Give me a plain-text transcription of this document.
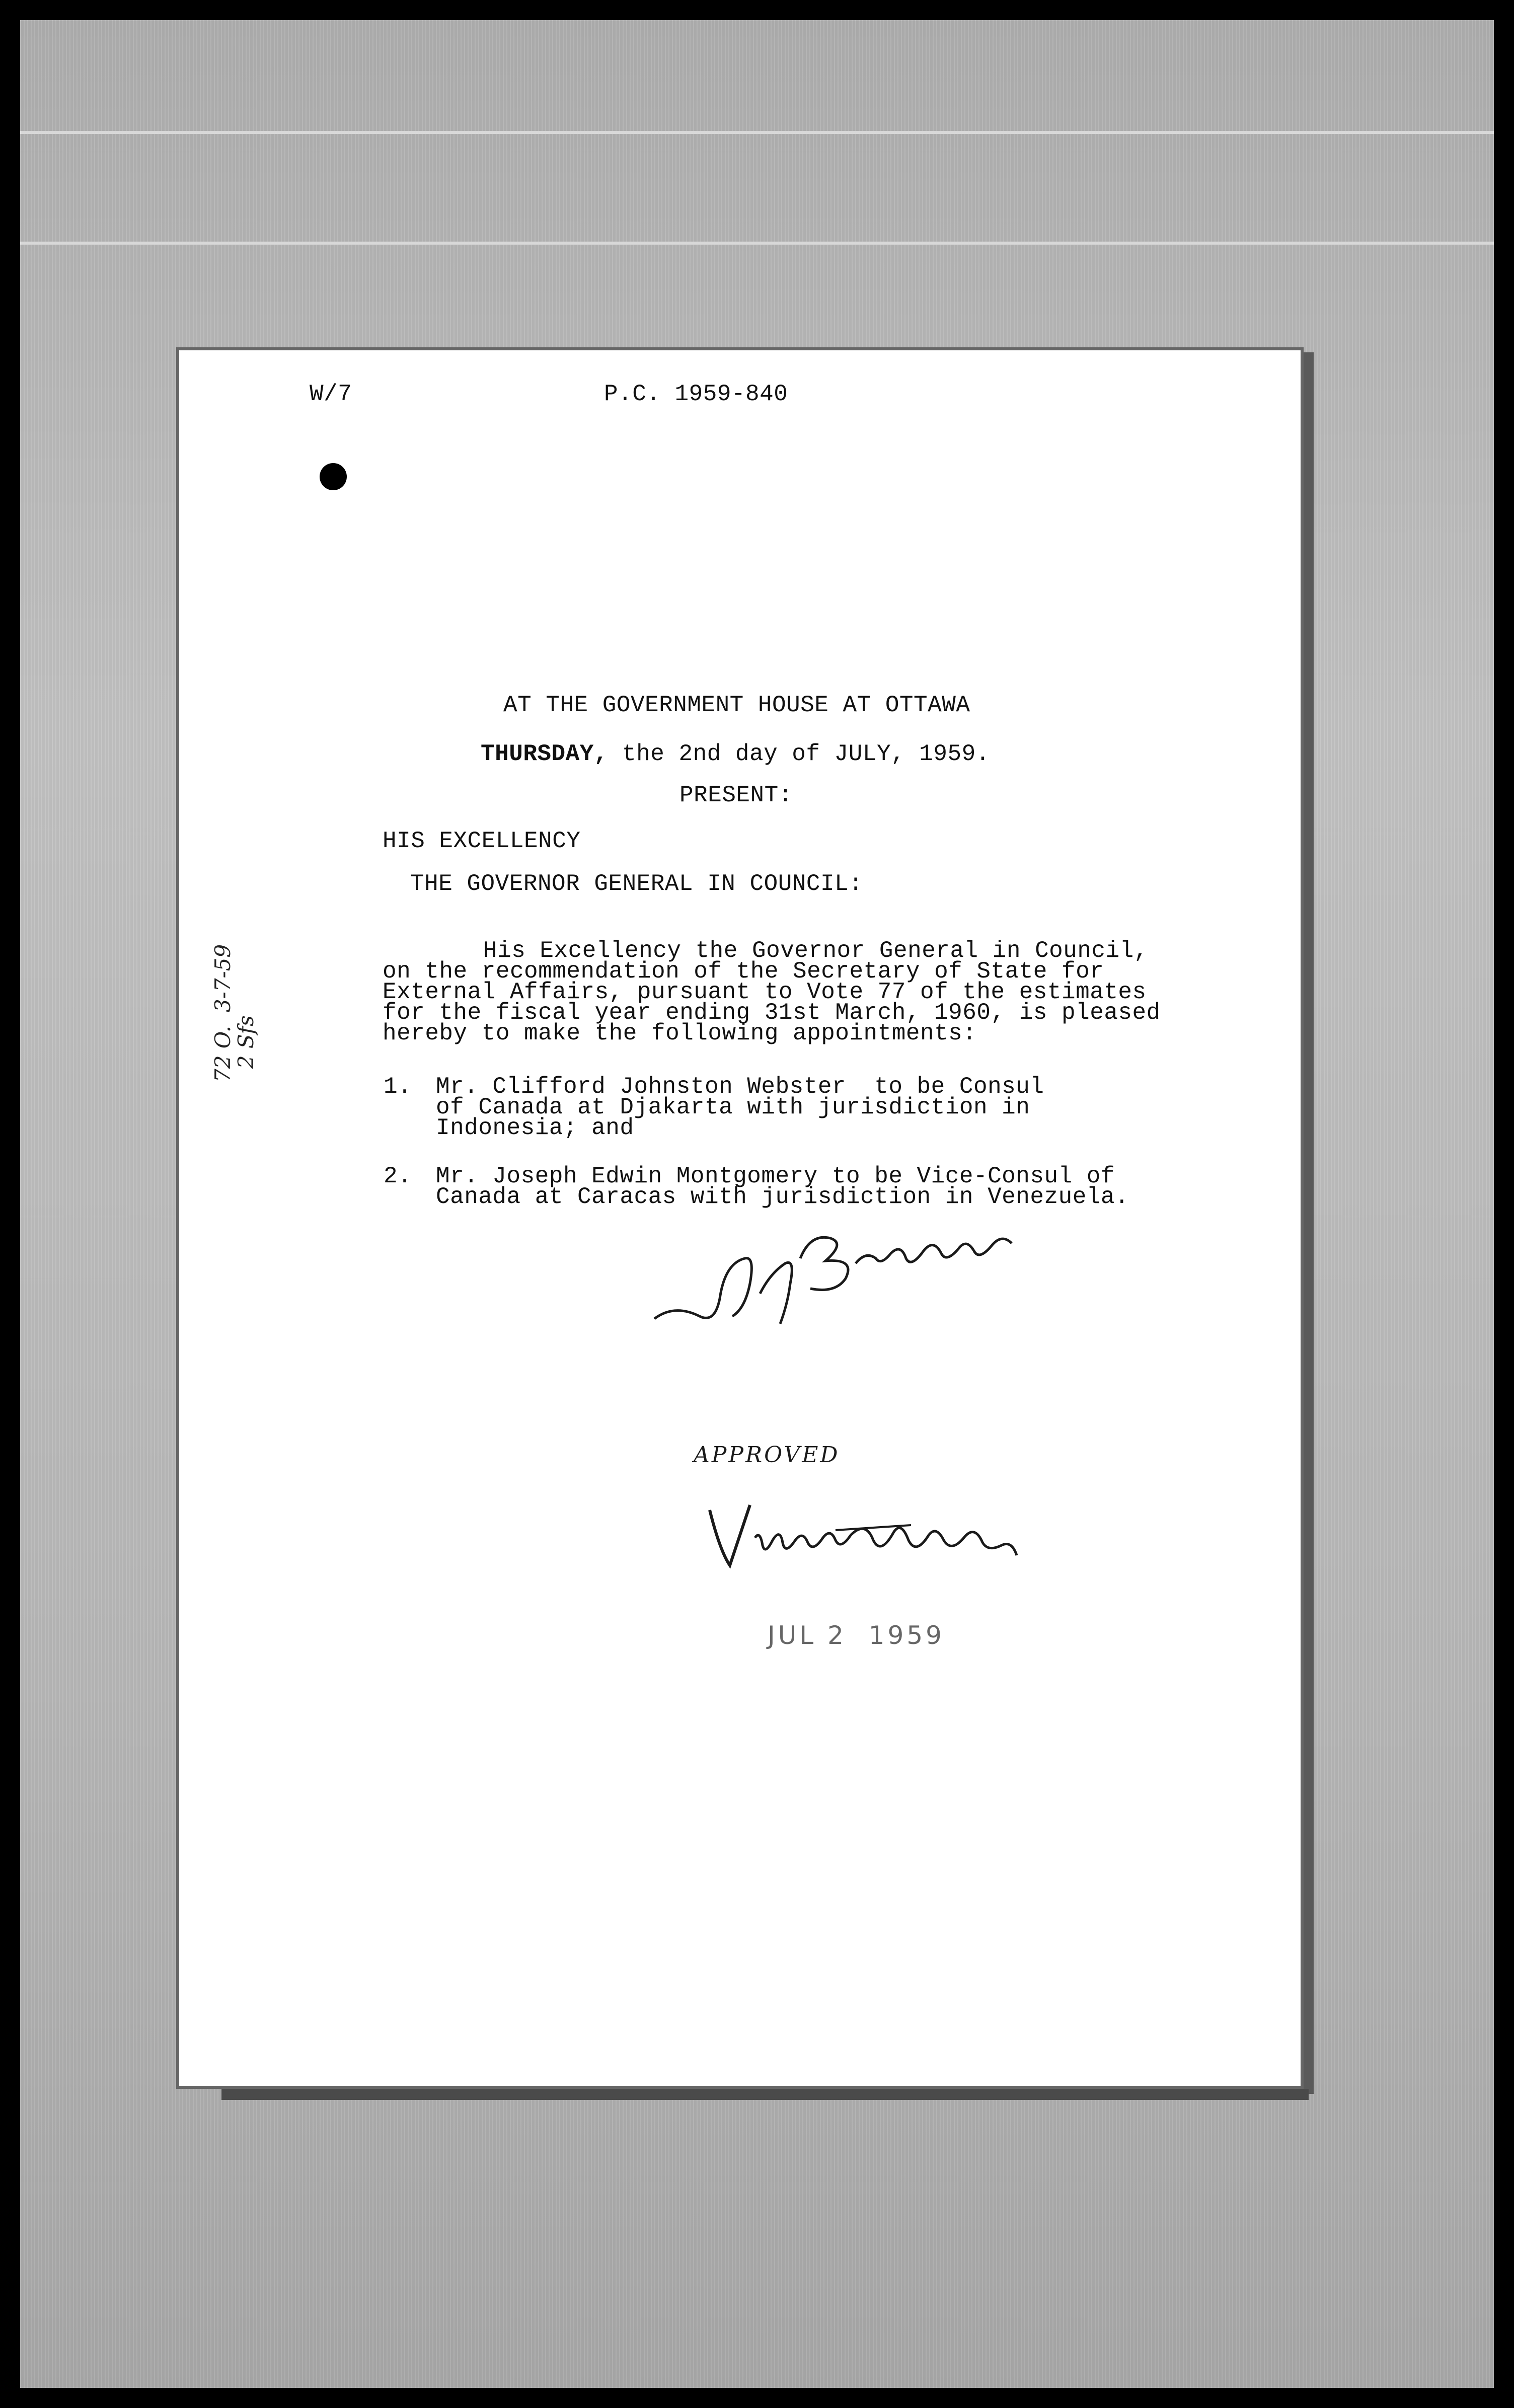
W/7	P.C. 1959-840
AT THE GOVERNMENT HOUSE AT OTTAWA
THURSDAY, the 2nd day of JULY, 1959.
PRESENT:
HIS EXCELLENCY
THE GOVERNOR GENERAL IN COUNCIL:
His Excellency the Governor General in Council,
on the recommendation of the Secretary of State for
External Affairs, pursuant to Vote 77 of the estimates
for the fiscal year ending 31st March, 1960, is pleased
hereby to make the following appointments:
1. Mr. Clifford Johnston Webster  to be Consul
of Canada at Djakarta with jurisdiction in
Indonesia; and
2. Mr. Joseph Edwin Montgomery to be Vice-Consul of
Canada at Caracas with jurisdiction in Venezuela.
72 O.  3-7-59
2 Sfs
APPROVED
JUL 2  1959
